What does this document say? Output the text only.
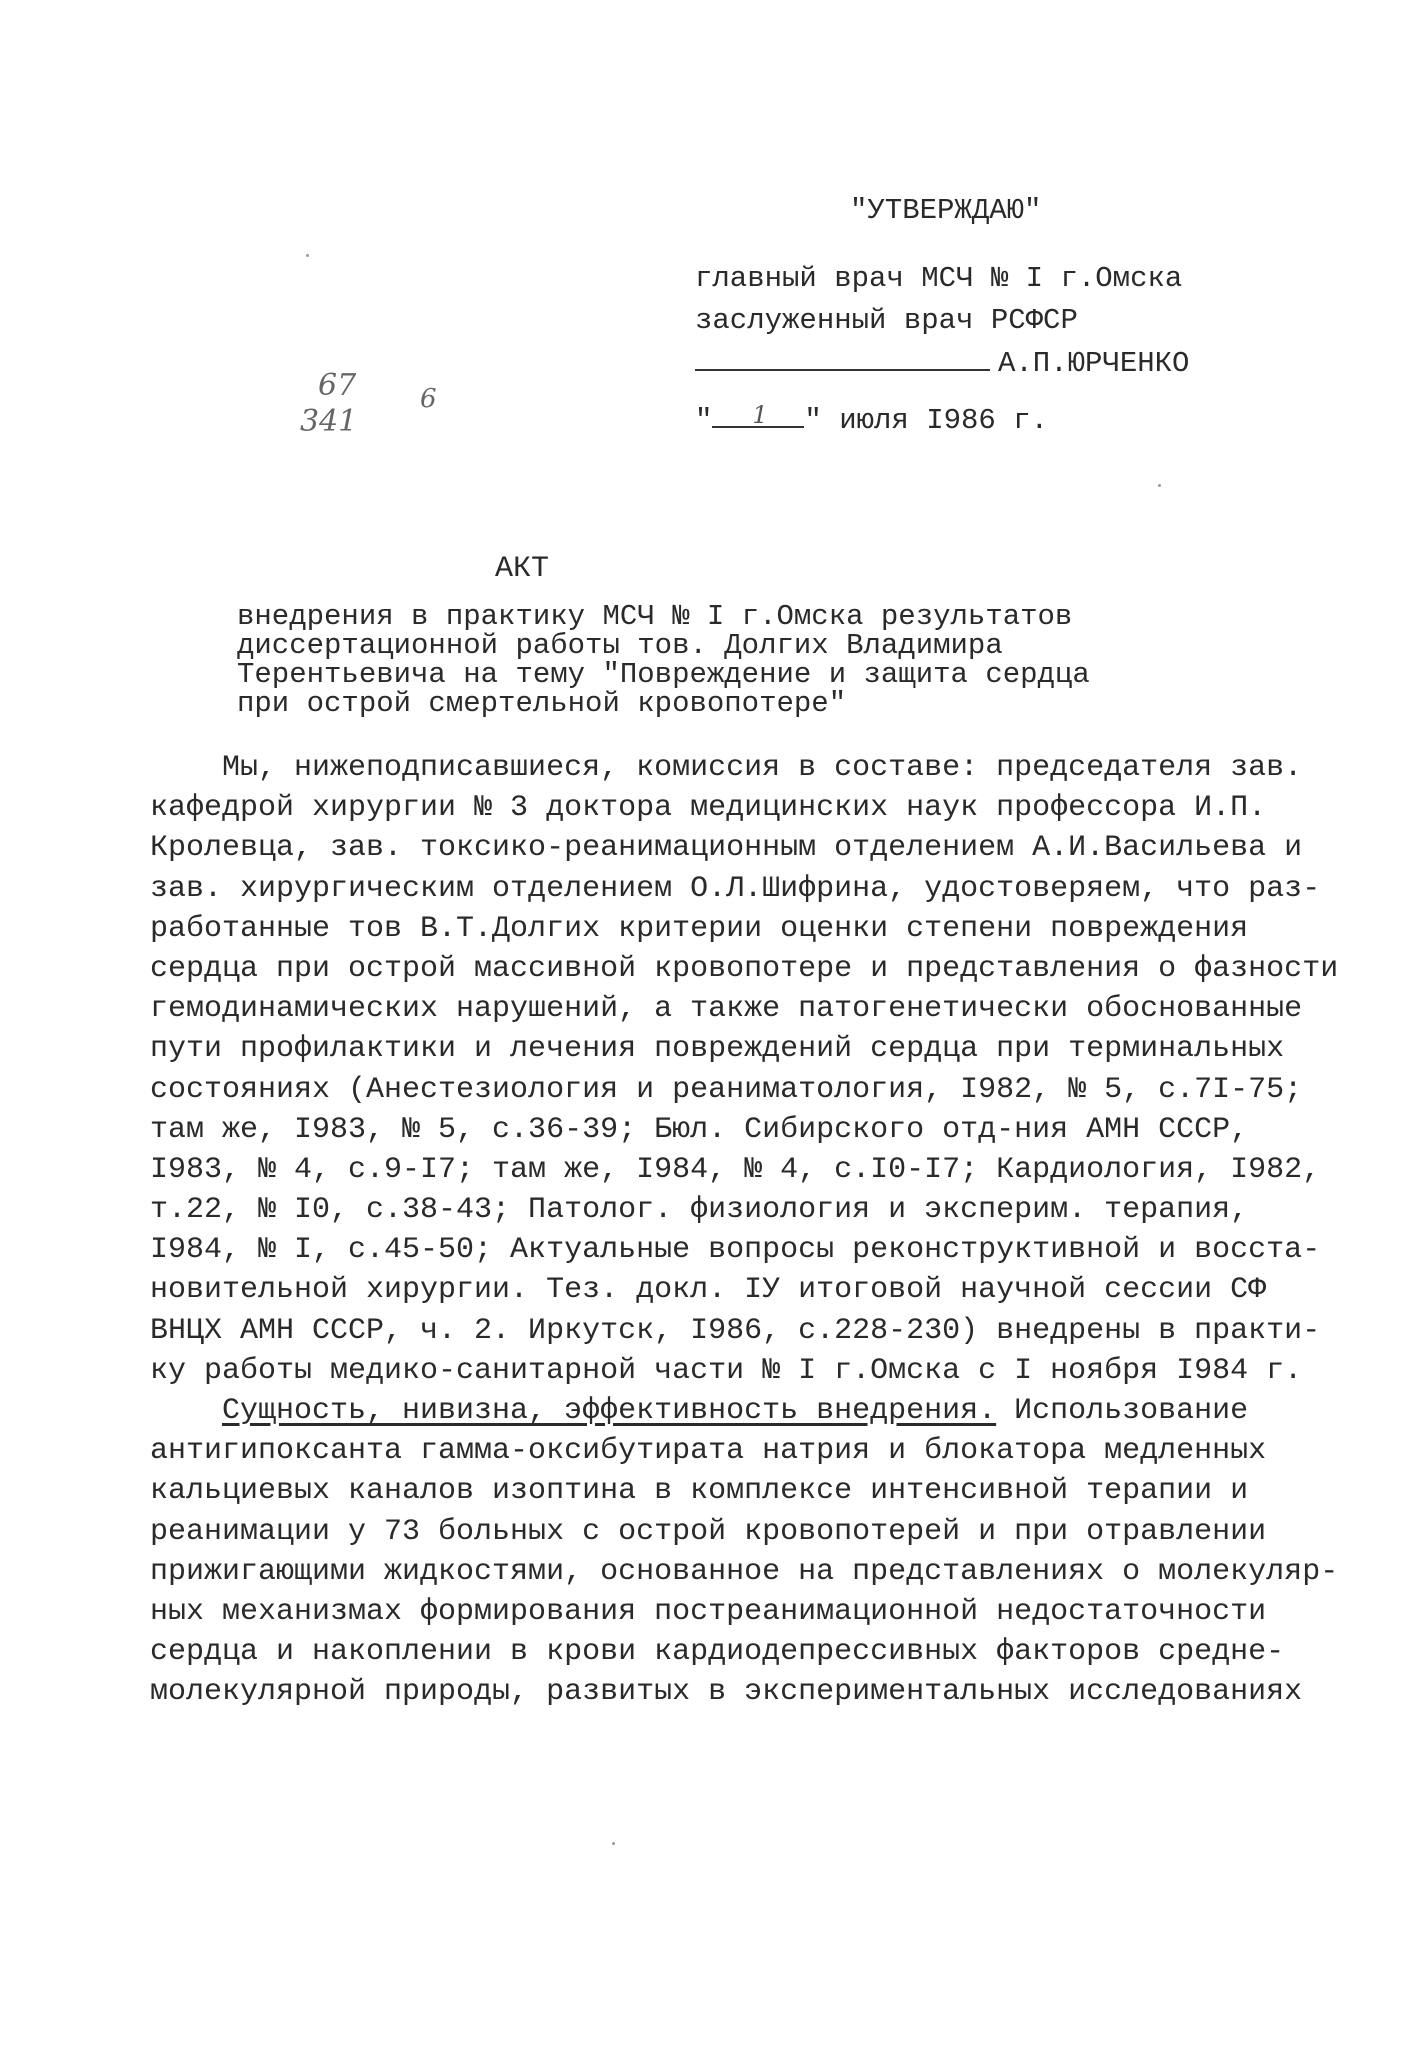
"УТВЕРЖДАЮ"
главный врач МСЧ № I г.Омска
заслуженный врач РСФСР
А.П.ЮРЧЕНКО
" 1 " июля I986 г.
67 6
341
АКТ
внедрения в практику МСЧ № I г.Омска результатов
диссертационной работы тов. Долгих Владимира
Терентьевича на тему "Повреждение и защита сердца
при острой смертельной кровопотере"
Мы, нижеподписавшиеся, комиссия в составе: председателя зав.
кафедрой хирургии № 3 доктора медицинских наук профессора И.П.
Кролевца, зав. токсико-реанимационным отделением А.И.Васильева и
зав. хирургическим отделением О.Л.Шифрина, удостоверяем, что раз-
работанные тов В.Т.Долгих критерии оценки степени повреждения
сердца при острой массивной кровопотере и представления о фазности
гемодинамических нарушений, а также патогенетически обоснованные
пути профилактики и лечения повреждений сердца при терминальных
состояниях (Анестезиология и реаниматология, I982, № 5, с.7I-75;
там же, I983, № 5, с.36-39; Бюл. Сибирского отд-ния АМН СССР,
I983, № 4, с.9-I7; там же, I984, № 4, с.I0-I7; Кардиология, I982,
т.22, № I0, с.38-43; Патолог. физиология и эксперим. терапия,
I984, № I, с.45-50; Актуальные вопросы реконструктивной и восста-
новительной хирургии. Тез. докл. IУ итоговой научной сессии СФ
ВНЦХ АМН СССР, ч. 2. Иркутск, I986, с.228-230) внедрены в практи-
ку работы медико-санитарной части № I г.Омска с I ноября I984 г.
Сущность, нивизна, эффективность внедрения. Использование
антигипоксанта гамма-оксибутирата натрия и блокатора медленных
кальциевых каналов изоптина в комплексе интенсивной терапии и
реанимации у 73 больных с острой кровопотерей и при отравлении
прижигающими жидкостями, основанное на представлениях о молекуляр-
ных механизмах формирования постреанимационной недостаточности
сердца и накоплении в крови кардиодепрессивных факторов средне-
молекулярной природы, развитых в экспериментальных исследованиях
